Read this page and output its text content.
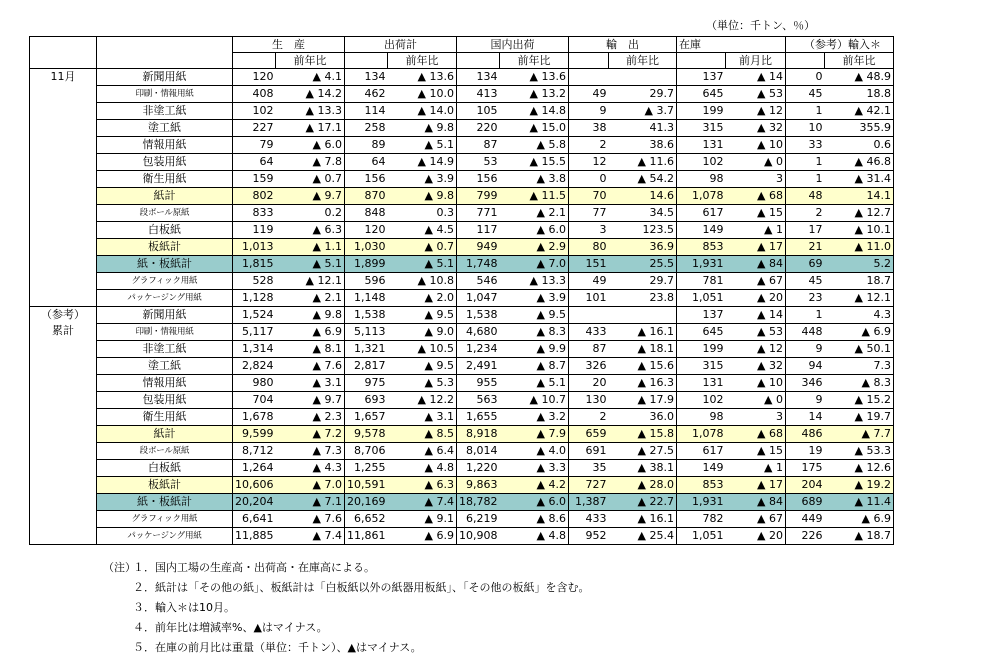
（単位：千トン、％）
		生　産		出荷計		国内出荷		輸　出		在庫		（参考）輸入＊	
			前年比		前年比		前年比		前年比		前月比		前年比

11月	新聞用紙	120	▲ 4.1	134	▲ 13.6	134	▲ 13.6			137	▲ 14	0	▲ 48.9
	印刷・情報用紙	408	▲ 14.2	462	▲ 10.0	413	▲ 13.2	49	29.7	645	▲ 53	45	18.8
	非塗工紙	102	▲ 13.3	114	▲ 14.0	105	▲ 14.8	9	▲ 3.7	199	▲ 12	1	▲ 42.1
	塗工紙	227	▲ 17.1	258	▲ 9.8	220	▲ 15.0	38	41.3	315	▲ 32	10	355.9
	情報用紙	79	▲ 6.0	89	▲ 5.1	87	▲ 5.8	2	38.6	131	▲ 10	33	0.6
	包装用紙	64	▲ 7.8	64	▲ 14.9	53	▲ 15.5	12	▲ 11.6	102	▲ 0	1	▲ 46.8
	衛生用紙	159	▲ 0.7	156	▲ 3.9	156	▲ 3.8	0	▲ 54.2	98	3	1	▲ 31.4
	紙計	802	▲ 9.7	870	▲ 9.8	799	▲ 11.5	70	14.6	1,078	▲ 68	48	14.1
	段ボール原紙	833	0.2	848	0.3	771	▲ 2.1	77	34.5	617	▲ 15	2	▲ 12.7
	白板紙	119	▲ 6.3	120	▲ 4.5	117	▲ 6.0	3	123.5	149	▲ 1	17	▲ 10.1
	板紙計	1,013	▲ 1.1	1,030	▲ 0.7	949	▲ 2.9	80	36.9	853	▲ 17	21	▲ 11.0
	紙・板紙計	1,815	▲ 5.1	1,899	▲ 5.1	1,748	▲ 7.0	151	25.5	1,931	▲ 84	69	5.2
	グラフィック用紙	528	▲ 12.1	596	▲ 10.8	546	▲ 13.3	49	29.7	781	▲ 67	45	18.7
	パッケージング用紙	1,128	▲ 2.1	1,148	▲ 2.0	1,047	▲ 3.9	101	23.8	1,051	▲ 20	23	▲ 12.1

（参考）
累計	新聞用紙	1,524	▲ 9.8	1,538	▲ 9.5	1,538	▲ 9.5			137	▲ 14	1	4.3
	印刷・情報用紙	5,117	▲ 6.9	5,113	▲ 9.0	4,680	▲ 8.3	433	▲ 16.1	645	▲ 53	448	▲ 6.9
	非塗工紙	1,314	▲ 8.1	1,321	▲ 10.5	1,234	▲ 9.9	87	▲ 18.1	199	▲ 12	9	▲ 50.1
	塗工紙	2,824	▲ 7.6	2,817	▲ 9.5	2,491	▲ 8.7	326	▲ 15.6	315	▲ 32	94	7.3
	情報用紙	980	▲ 3.1	975	▲ 5.3	955	▲ 5.1	20	▲ 16.3	131	▲ 10	346	▲ 8.3
	包装用紙	704	▲ 9.7	693	▲ 12.2	563	▲ 10.7	130	▲ 17.9	102	▲ 0	9	▲ 15.2
	衛生用紙	1,678	▲ 2.3	1,657	▲ 3.1	1,655	▲ 3.2	2	36.0	98	3	14	▲ 19.7
	紙計	9,599	▲ 7.2	9,578	▲ 8.5	8,918	▲ 7.9	659	▲ 15.8	1,078	▲ 68	486	▲ 7.7
	段ボール原紙	8,712	▲ 7.3	8,706	▲ 6.4	8,014	▲ 4.0	691	▲ 27.5	617	▲ 15	19	▲ 53.3
	白板紙	1,264	▲ 4.3	1,255	▲ 4.8	1,220	▲ 3.3	35	▲ 38.1	149	▲ 1	175	▲ 12.6
	板紙計	10,606	▲ 7.0	10,591	▲ 6.3	9,863	▲ 4.2	727	▲ 28.0	853	▲ 17	204	▲ 19.2
	紙・板紙計	20,204	▲ 7.1	20,169	▲ 7.4	18,782	▲ 6.0	1,387	▲ 22.7	1,931	▲ 84	689	▲ 11.4
	グラフィック用紙	6,641	▲ 7.6	6,652	▲ 9.1	6,219	▲ 8.6	433	▲ 16.1	782	▲ 67	449	▲ 6.9
	パッケージング用紙	11,885	▲ 7.4	11,861	▲ 6.9	10,908	▲ 4.8	952	▲ 25.4	1,051	▲ 20	226	▲ 18.7
（注）１．国内工場の生産高・出荷高・在庫高による。
２．紙計は「その他の紙」、板紙計は「白板紙以外の紙器用板紙」、「その他の板紙」を含む。
３．輸入＊は10月。
４．前年比は増減率%、▲はマイナス。
５．在庫の前月比は重量（単位：千トン）、▲はマイナス。
